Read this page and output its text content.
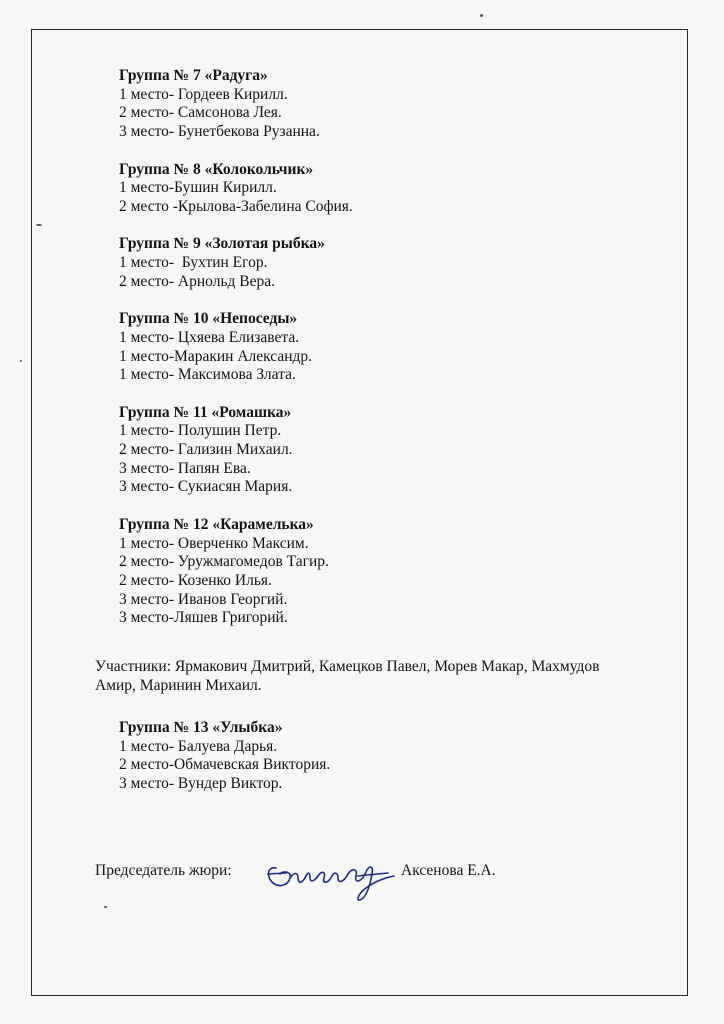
Группа № 7 «Радуга»
1 место- Гордеев Кирилл.
2 место- Самсонова Лея.
3 место- Бунетбекова Рузанна.
Группа № 8 «Колокольчик»
1 место-Бушин Кирилл.
2 место -Крылова-Забелина София.
Группа № 9 «Золотая рыбка»
1 место-  Бухтин Егор.
2 место- Арнольд Вера.
Группа № 10 «Непоседы»
1 место- Цхяева Елизавета.
1 место-Маракин Александр.
1 место- Максимова Злата.
Группа № 11 «Ромашка»
1 место- Полушин Петр.
2 место- Гализин Михаил.
3 место- Папян Ева.
3 место- Сукиасян Мария.
Группа № 12 «Карамелька»
1 место- Оверченко Максим.
2 место- Уружмагомедов Тагир.
2 место- Козенко Илья.
3 место- Иванов Георгий.
3 место-Ляшев Григорий.
Участники: Ярмакович Дмитрий, Камецков Павел, Морев Макар, Махмудов
Амир, Маринин Михаил.
Группа № 13 «Улыбка»
1 место- Балуева Дарья.
2 место-Обмачевская Виктория.
3 место- Вундер Виктор.
Председатель жюри:	Аксенова Е.А.
